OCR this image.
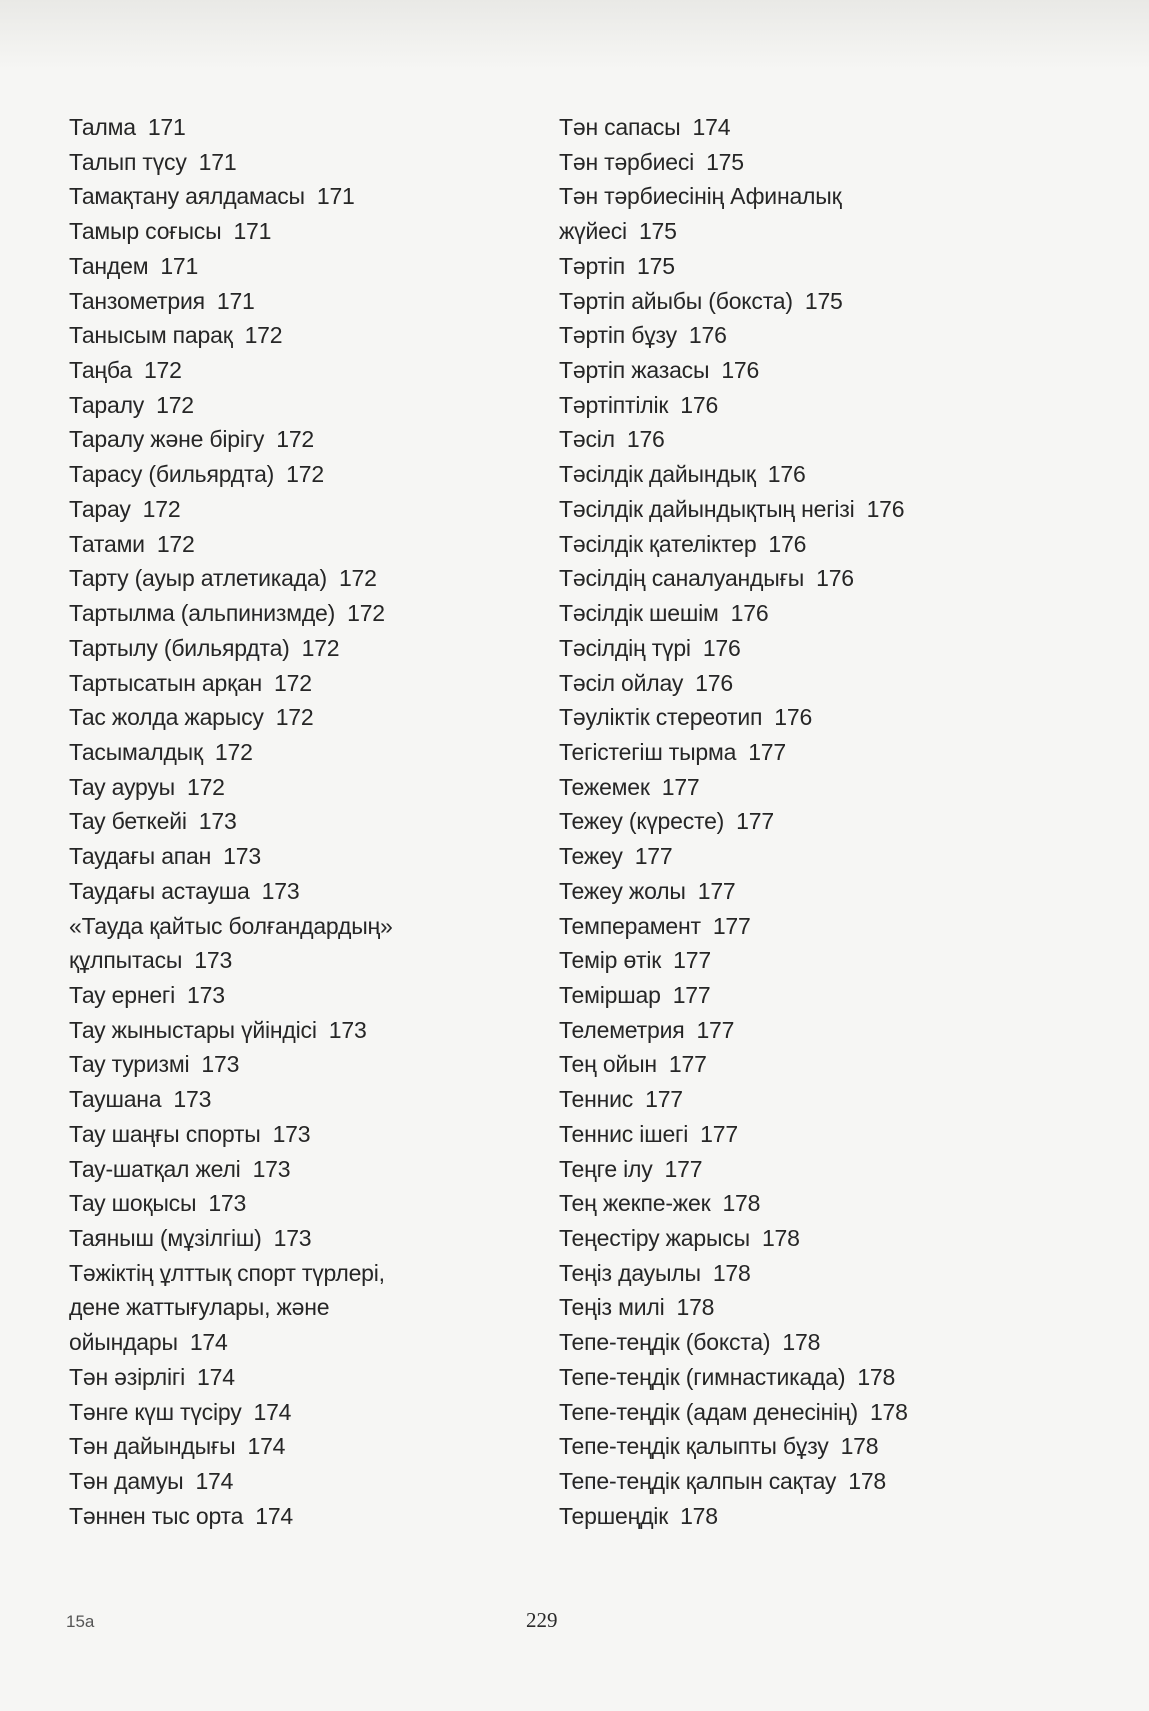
Талма 171
Талып түсу 171
Тамақтану аялдамасы 171
Тамыр соғысы 171
Тандем 171
Танзометрия 171
Танысым парақ 172
Таңба 172
Таралу 172
Таралу және бірігу 172
Тарасу (бильярдта) 172
Тарау 172
Татами 172
Тарту (ауыр атлетикада) 172
Тартылма (альпинизмде) 172
Тартылу (бильярдта) 172
Тартысатын арқан 172
Тас жолда жарысу 172
Тасымалдық 172
Тау ауруы 172
Тау беткейі 173
Таудағы апан 173
Таудағы астауша 173
«Тауда қайтыс болғандардың»
құлпытасы 173
Тау ернегі 173
Тау жыныстары үйіндісі 173
Тау туризмі 173
Таушана 173
Тау шаңғы спорты 173
Тау-шатқал желі 173
Тау шоқысы 173
Таяныш (мұзілгіш) 173
Тәжіктің ұлттық спорт түрлері,
дене жаттығулары, және
ойындары 174
Тән әзірлігі 174
Тәнге күш түсіру 174
Тән дайындығы 174
Тән дамуы 174
Тәннен тыс орта 174
Тән сапасы 174
Тән тәрбиесі 175
Тән тәрбиесінің Афиналық
жүйесі 175
Тәртіп 175
Тәртіп айыбы (бокста) 175
Тәртіп бұзу 176
Тәртіп жазасы 176
Тәртіптілік 176
Тәсіл 176
Тәсілдік дайындық 176
Тәсілдік дайындықтың негізі 176
Тәсілдік қателіктер 176
Тәсілдің саналуандығы 176
Тәсілдік шешім 176
Тәсілдің түрі 176
Тәсіл ойлау 176
Тәуліктік стереотип 176
Тегістегіш тырма 177
Тежемек 177
Тежеу (күресте) 177
Тежеу 177
Тежеу жолы 177
Темперамент 177
Темір өтік 177
Теміршар 177
Телеметрия 177
Тең ойын 177
Теннис 177
Теннис ішегі 177
Теңге ілу 177
Тең жекпе-жек 178
Теңестіру жарысы 178
Теңіз дауылы 178
Теңіз милі 178
Тепе-теңдік (бокста) 178
Тепе-теңдік (гимнастикада) 178
Тепе-теңдік (адам денесінің) 178
Тепе-теңдік қалыпты бұзу 178
Тепе-теңдік қалпын сақтау 178
Тершеңдік 178
15а	229
